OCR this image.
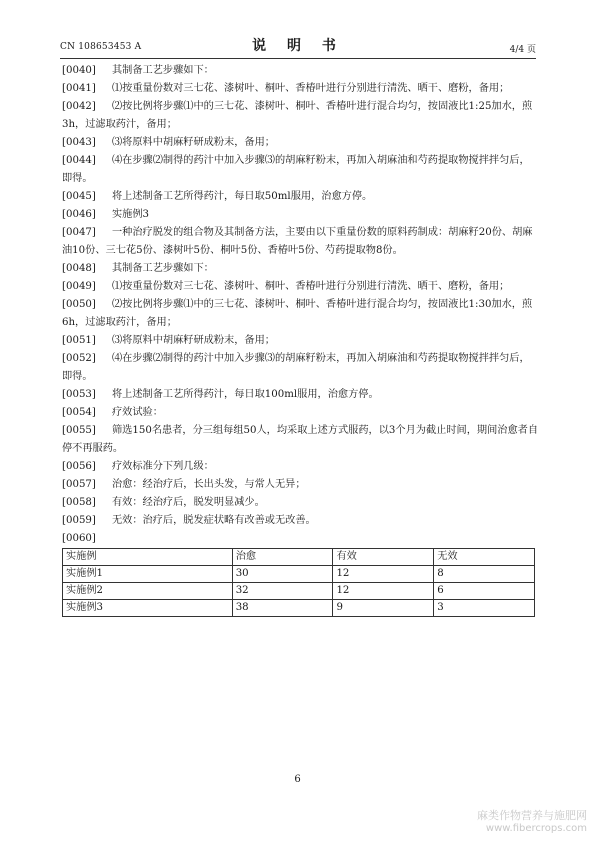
CN 108653453 A	说 明 书	4/4 页
[0040]	其制备工艺步骤如下：
[0041]	⑴按重量份数对三七花、漆树叶、桐叶、香椿叶进行分别进行清洗、晒干、磨粉，备用；
[0042]	⑵按比例将步骤⑴中的三七花、漆树叶、桐叶、香椿叶进行混合均匀，按固液比1:25加水，煎3h，过滤取药汁，备用；
[0043]	⑶将原料中胡麻籽研成粉末，备用；
[0044]	⑷在步骤⑵制得的药汁中加入步骤⑶的胡麻籽粉末，再加入胡麻油和芍药提取物搅拌拌匀后，即得。
[0045]	将上述制备工艺所得药汁，每日取50ml服用，治愈方停。
[0046]	实施例3
[0047]	一种治疗脱发的组合物及其制备方法，主要由以下重量份数的原料药制成：胡麻籽20份、胡麻油10份、三七花5份、漆树叶5份、桐叶5份、香椿叶5份、芍药提取物8份。
[0048]	其制备工艺步骤如下：
[0049]	⑴按重量份数对三七花、漆树叶、桐叶、香椿叶进行分别进行清洗、晒干、磨粉，备用；
[0050]	⑵按比例将步骤⑴中的三七花、漆树叶、桐叶、香椿叶进行混合均匀，按固液比1:30加水，煎6h，过滤取药汁，备用；
[0051]	⑶将原料中胡麻籽研成粉末，备用；
[0052]	⑷在步骤⑵制得的药汁中加入步骤⑶的胡麻籽粉末，再加入胡麻油和芍药提取物搅拌拌匀后，即得。
[0053]	将上述制备工艺所得药汁，每日取100ml服用，治愈方停。
[0054]	疗效试验：
[0055]	筛选150名患者，分三组每组50人，均采取上述方式服药，以3个月为截止时间，期间治愈者自停不再服药。
[0056]	疗效标准分下列几级：
[0057]	治愈：经治疗后，长出头发，与常人无异；
[0058]	有效：经治疗后，脱发明显减少。
[0059]	无效：治疗后，脱发症状略有改善或无改善。
[0060]
实施例	治愈	有效	无效
实施例1	30	12	8
实施例2	32	12	6
实施例3	38	9	3
6
麻类作物营养与施肥网
www.fibercrops.com
